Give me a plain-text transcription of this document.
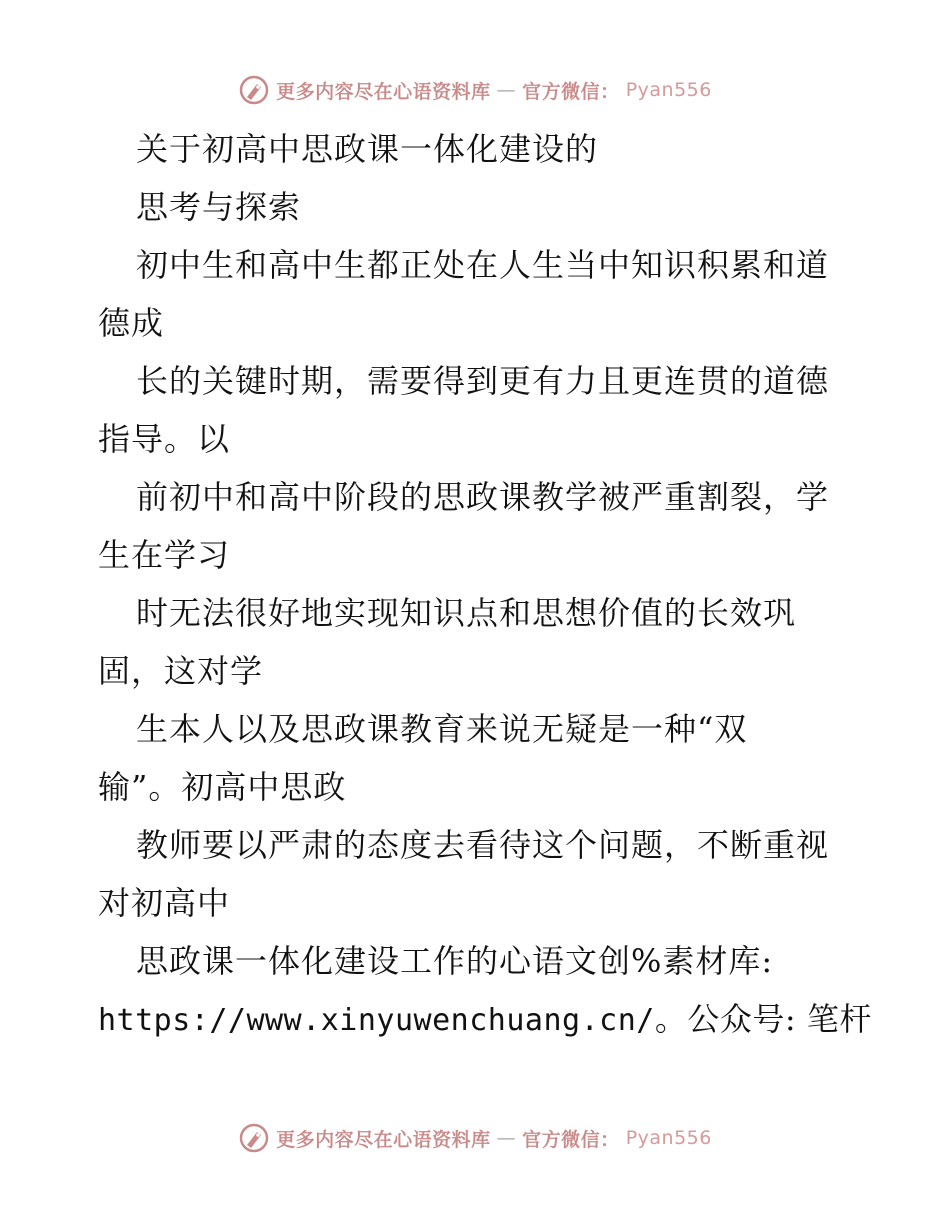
更多内容尽在心语资料库 — 官方微信： Pyan556
关于初高中思政课一体化建设的
思考与探索
初中生和高中生都正处在人生当中知识积累和道
德成
长的关键时期，需要得到更有力且更连贯的道德
指导。以
前初中和高中阶段的思政课教学被严重割裂，学
生在学习
时无法很好地实现知识点和思想价值的长效巩
固，这对学
生本人以及思政课教育来说无疑是一种“双
输”。初高中思政
教师要以严肃的态度去看待这个问题，不断重视
对初高中
思政课一体化建设工作的心语文创%素材库:
https://www.xinyuwenchuang.cn/。公众号: 笔杆
更多内容尽在心语资料库 — 官方微信： Pyan556
